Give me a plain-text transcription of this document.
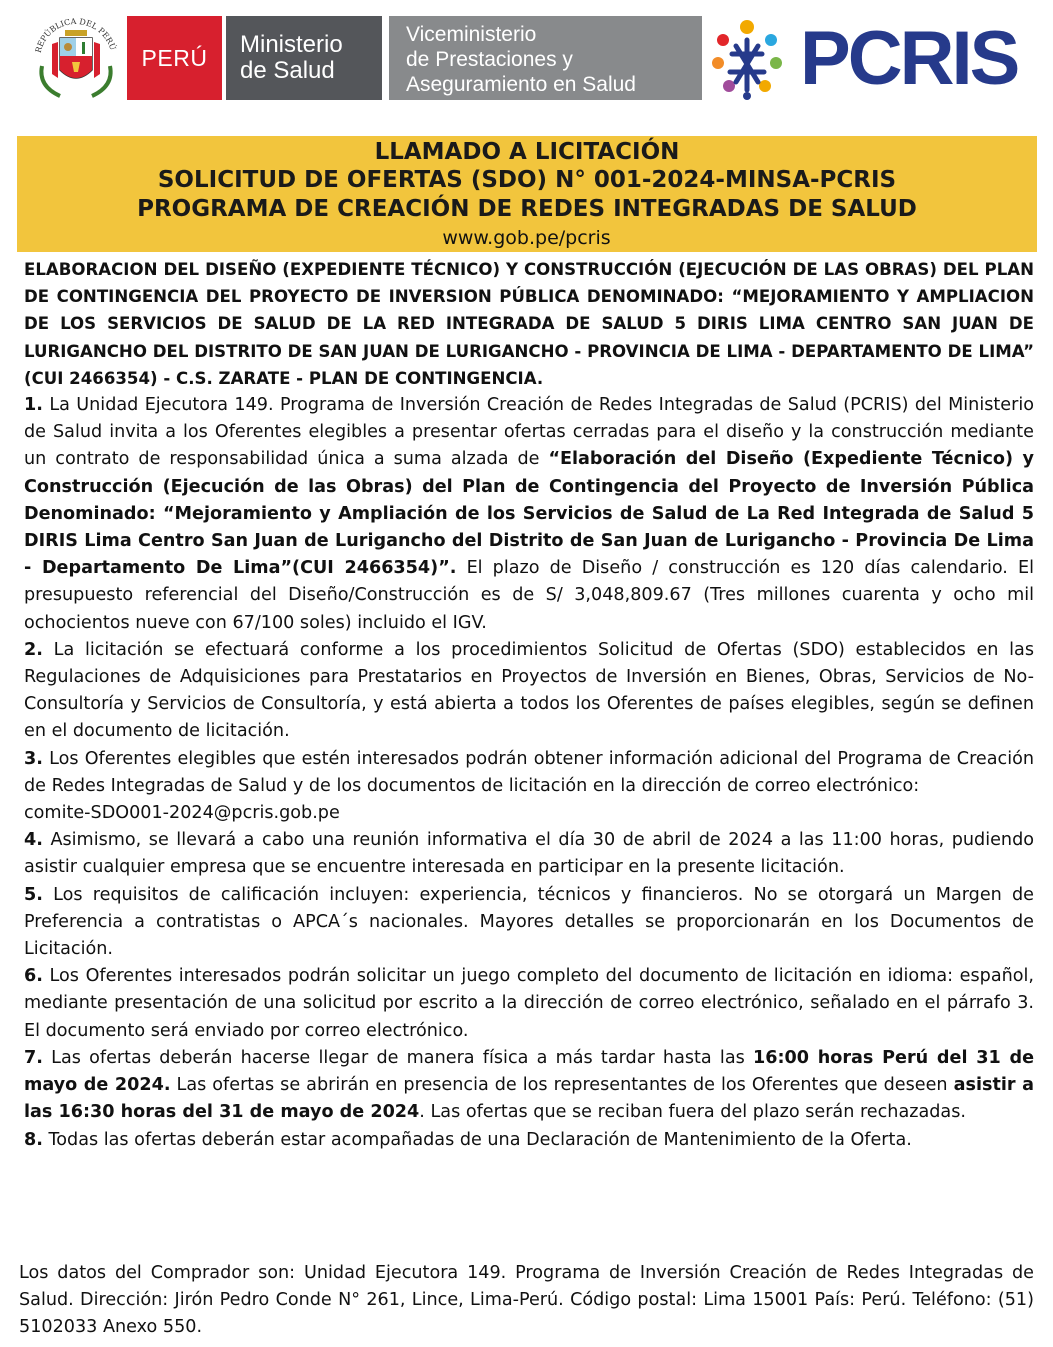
REPÚBLICA DEL PERÚ PERÚ Ministerio
de Salud
Viceministerio
de Prestaciones y
Aseguramiento en Salud	PCRIS
LLAMADO A LICITACIÓN
SOLICITUD DE OFERTAS (SDO) N° 001-2024-MINSA-PCRIS
PROGRAMA DE CREACIÓN DE REDES INTEGRADAS DE SALUD
www.gob.pe/pcris

ELABORACION DEL DISEÑO (EXPEDIENTE TÉCNICO) Y CONSTRUCCIÓN (EJECUCIÓN DE LAS OBRAS) DEL PLAN DE CONTINGENCIA DEL PROYECTO DE INVERSION PÚBLICA DENOMINADO: “MEJORAMIENTO Y AMPLIACION DE LOS SERVICIOS DE SALUD DE LA RED INTEGRADA DE SALUD 5 DIRIS LIMA CENTRO SAN JUAN DE LURIGANCHO DEL DISTRITO DE SAN JUAN DE LURIGANCHO - PROVINCIA DE LIMA - DEPARTAMENTO DE LIMA” (CUI 2466354) - C.S. ZARATE - PLAN DE CONTINGENCIA.

1. La Unidad Ejecutora 149. Programa de Inversión Creación de Redes Integradas de Salud (PCRIS) del Ministerio de Salud invita a los Oferentes elegibles a presentar ofertas cerradas para el diseño y la construcción mediante un contrato de responsabilidad única a suma alzada de “Elaboración del Diseño (Expediente Técnico) y Construcción (Ejecución de las Obras) del Plan de Contingencia del Proyecto de Inversión Pública Denominado: “Mejoramiento y Ampliación de los Servicios de Salud de La Red Integrada de Salud 5 DIRIS Lima Centro San Juan de Lurigancho del Distrito de San Juan de Lurigancho - Provincia De Lima - Departamento De Lima”(CUI 2466354)”. El plazo de Diseño / construcción es 120 días calendario. El presupuesto referencial del Diseño/Construcción es de S/ 3,048,809.67 (Tres millones cuarenta y ocho mil ochocientos nueve con 67/100 soles) incluido el IGV.

2. La licitación se efectuará conforme a los procedimientos Solicitud de Ofertas (SDO) establecidos en las Regulaciones de Adquisiciones para Prestatarios en Proyectos de Inversión en Bienes, Obras, Servicios de No-Consultoría y Servicios de Consultoría, y está abierta a todos los Oferentes de países elegibles, según se definen en el documento de licitación.

3. Los Oferentes elegibles que estén interesados podrán obtener información adicional del Programa de Creación de Redes Integradas de Salud y de los documentos de licitación en la dirección de correo electrónico:

comite-SDO001-2024@pcris.gob.pe

4. Asimismo, se llevará a cabo una reunión informativa el día 30 de abril de 2024 a las 11:00 horas, pudiendo asistir cualquier empresa que se encuentre interesada en participar en la presente licitación.

5. Los requisitos de calificación incluyen: experiencia, técnicos y financieros. No se otorgará un Margen de Preferencia a contratistas o APCA´s nacionales. Mayores detalles se proporcionarán en los Documentos de Licitación.

6. Los Oferentes interesados podrán solicitar un juego completo del documento de licitación en idioma: español, mediante presentación de una solicitud por escrito a la dirección de correo electrónico, señalado en el párrafo 3. El documento será enviado por correo electrónico.

7. Las ofertas deberán hacerse llegar de manera física a más tardar hasta las 16:00 horas Perú del 31 de mayo de 2024. Las ofertas se abrirán en presencia de los representantes de los Oferentes que deseen asistir a las 16:30 horas del 31 de mayo de 2024. Las ofertas que se reciban fuera del plazo serán rechazadas.

8. Todas las ofertas deberán estar acompañadas de una Declaración de Mantenimiento de la Oferta.

Los datos del Comprador son: Unidad Ejecutora 149. Programa de Inversión Creación de Redes Integradas de Salud. Dirección: Jirón Pedro Conde N° 261, Lince, Lima-Perú. Código postal: Lima 15001 País: Perú. Teléfono: (51) 5102033 Anexo 550.
